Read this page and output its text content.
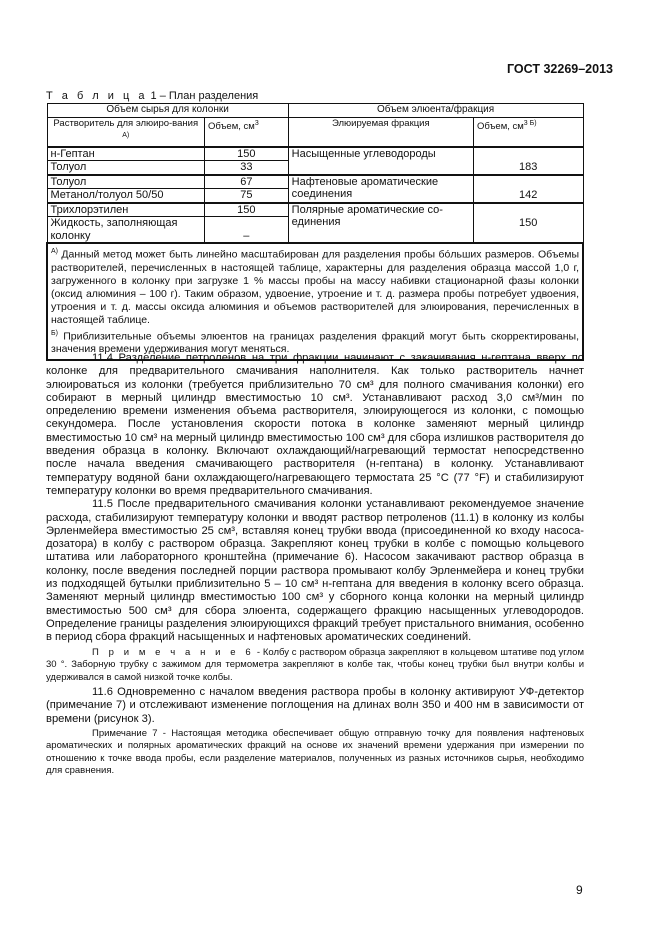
ГОСТ 32269–2013
Т а б л и ц а 1 – План разделения
Объем сырья для колонки		Объем элюента/фракция	
Растворитель для элюиро-вания $^{А)}$	Объем, $см^3$	Элюируемая фракция	Объем, $см^{3 Б)}$
н-Гептан	150	Насыщенные углеводороды	183
Толуол	33		
Толуол	67	Нафтеновые ароматические соединения	142
Метанол/толуол 50/50	75		
Трихлорэтилен	150	Полярные ароматические со-единения	150
Жидкость, заполняющая колонку	–		

$^{А)}$ Данный метод может быть линейно масштабирован для разделения пробы бóльших размеров. Объемы растворителей, перечисленных в настоящей таблице, характерны для разделения образца массой 1,0 г, загруженного в колонку при загрузке 1 % массы пробы на массу набивки стационарной фазы колонки (оксид алюминия – 100 г). Таким образом, удвоение, утроение и т. д. размера пробы потребует удвоения, утроения и т. д. массы оксида алюминия и объемов растворителей для элюирования, перечисленных в настоящей таблице.
$^{Б)}$ Приблизительные объемы элюентов на границах разделения фракций могут быть скорректированы, значения времени удерживания могут меняться.			

11.4 Разделение петроленов на три фракции начинают с закачивания н-гептана вверх по колонке для предварительного смачивания наполнителя. Как только растворитель начнет элюироваться из колонки (требуется приблизительно 70 см³ для полного смачивания колонки) его собирают в мерный цилиндр вместимостью 10 см³. Устанавливают расход 3,0 см³/мин по определению времени изменения объема растворителя, элюирующегося из колонки, с помощью секундомера. После установления скорости потока в колонке заменяют мерный цилиндр вместимостью 10 см³ на мерный цилиндр вместимостью 100 см³ для сбора излишков растворителя до введения образца в колонку. Включают охлаждающий/нагревающий термостат непосредственно после начала введения смачивающего растворителя (н-гептана) в колонку. Устанавливают температуру водяной бани охлаждающего/нагревающего термостата 25 °С (77 °F) и стабилизируют температуру колонки во время предварительного смачивания.

11.5 После предварительного смачивания колонки устанавливают рекомендуемое значение расхода, стабилизируют температуру колонки и вводят раствор петроленов (11.1) в колонку из колбы Эрленмейера вместимостью 25 см³, вставляя конец трубки ввода (присоединенной ко входу насоса-дозатора) в колбу с раствором образца. Закрепляют конец трубки в колбе с помощью кольцевого штатива или лабораторного кронштейна (примечание 6). Насосом закачивают раствор образца в колонку, после введения последней порции раствора промывают колбу Эрленмейера и конец трубки из подходящей бутылки приблизительно 5 – 10 см³ н-гептана для введения в колонку всего образца. Заменяют мерный цилиндр вместимостью 100 см³ у сборного конца колонки на мерный цилиндр вместимостью 500 см³ для сбора элюента, содержащего фракцию насыщенных углеводородов. Определение границы разделения элюирующихся фракций требует пристального внимания, особенно в период сбора фракций насыщенных и нафтеновых ароматических соединений.

П р и м е ч а н и е 6 - Колбу с раствором образца закрепляют в кольцевом штативе под углом 30 °. Заборную трубку с зажимом для термометра закрепляют в колбе так, чтобы конец трубки был внутри колбы и удерживался в самой низкой точке колбы.

11.6 Одновременно с началом введения раствора пробы в колонку активируют УФ-детектор (примечание 7) и отслеживают изменение поглощения на длинах волн 350 и 400 нм в зависимости от времени (рисунок 3).

Примечание 7 - Настоящая методика обеспечивает общую отправную точку для появления нафтеновых ароматических и полярных ароматических фракций на основе их значений времени удержания при измерении по отношению к точке ввода пробы, если разделение материалов, полученных из разных источников сырья, необходимо для сравнения.

9
